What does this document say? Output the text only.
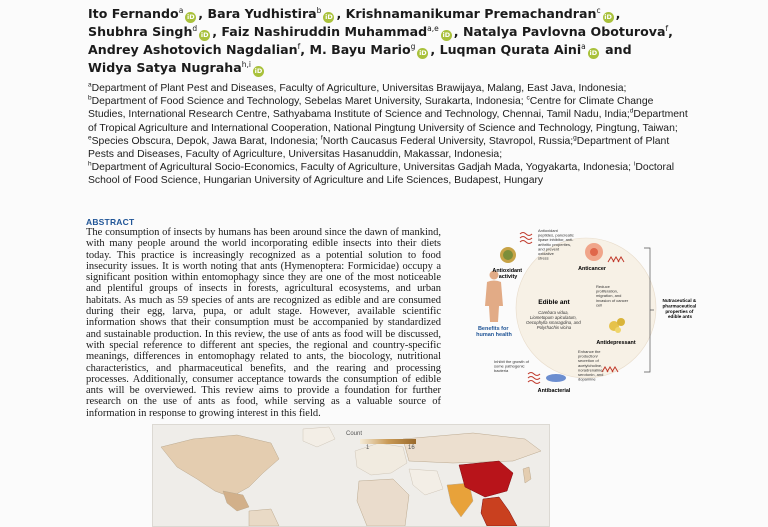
Ito Fernando$^a$iD , Bara Yudhistira$^b$iD , Krishnamanikumar Premachandran$^c$iD ,
Shubhra Singh$^d$iD , Faiz Nashiruddin Muhammad$^{a,e}$iD , Natalya Pavlovna Oboturova$^f$,
Andrey Ashotovich Nagdalian$^f$, M. Bayu Mario$^g$iD , Luqman Qurata Aini$^a$iD and
Widya Satya Nugraha$^{h,i}$iD
$^a$Department of Plant Pest and Diseases, Faculty of Agriculture, Universitas Brawijaya, Malang, East Java, Indonesia;
$^b$Department of Food Science and Technology, Sebelas Maret University, Surakarta, Indonesia; $^c$Centre for Climate Change Studies, International Research Centre, Sathyabama Institute of Science and Technology, Chennai, Tamil Nadu, India;$^d$Department of Tropical Agriculture and International Cooperation, National Pingtung University of Science and Technology, Pingtung, Taiwan;
$^e$Species Obscura, Depok, Jawa Barat, Indonesia; $^f$North Caucasus Federal University, Stavropol, Russia;$^g$Department of Plant Pests and Diseases, Faculty of Agriculture, Universitas Hasanuddin, Makassar, Indonesia;
$^h$Department of Agricultural Socio-Economics, Faculty of Agriculture, Universitas Gadjah Mada, Yogyakarta, Indonesia; $^i$Doctoral School of Food Science, Hungarian University of Agriculture and Life Sciences, Budapest, Hungary
ABSTRACT
The consumption of insects by humans has been around since the dawn of mankind, with many people around the world incorporating edible insects into their diets today. This practice is increasingly recognized as a potential solution to food insecurity issues. It is worth noting that ants (Hymenoptera: Formicidae) occupy a significant position within entomophagy since they are one of the most noticeable and plentiful groups of insects in forests, agricultural ecosystems, and urban habitats. As much as 59 species of ants are recognized as edible and are consumed during their egg, larva, pupa, or adult stage. However, available scientific information shows that their consumption must be accompanied by standardized and sustainable production. In this review, the use of ants as food will be discussed, with special reference to different ant species, the regional and country-specific meanings, differences in entomophagy related to ants, the biocology, nutritional characteristics, and pharmaceutical benefits, and the rearing and processing processes. Additionally, consumer acceptance towards the consumption of edible ants will be overviewed. This review aims to provide a foundation for further research on the use of ants as food, while serving as a valuable source of information in response to growing interest in this field.
Benefits for human health
Antioxidant activity
Antioxidant peptides, pancreatic lipase inhibitor, anti- arthritic properties, and prevent oxidative stress
Anticancer
Reduce proliferation, migration, and invasion of cancer cell
Edible ant
Carebara vidua, Liometopum apiculatum, Oecophylla smaragdina, and Polyrhachis vicina
Antidepressant
Enhance the production/ secretion of acetylcholine, noradrenaline, serotonin, and dopamine
Antibacterial
Inhibit the growth of some pathogenic bacteria
Nutraceutical & pharmaceutical properties of edible ants
Count
1	16
